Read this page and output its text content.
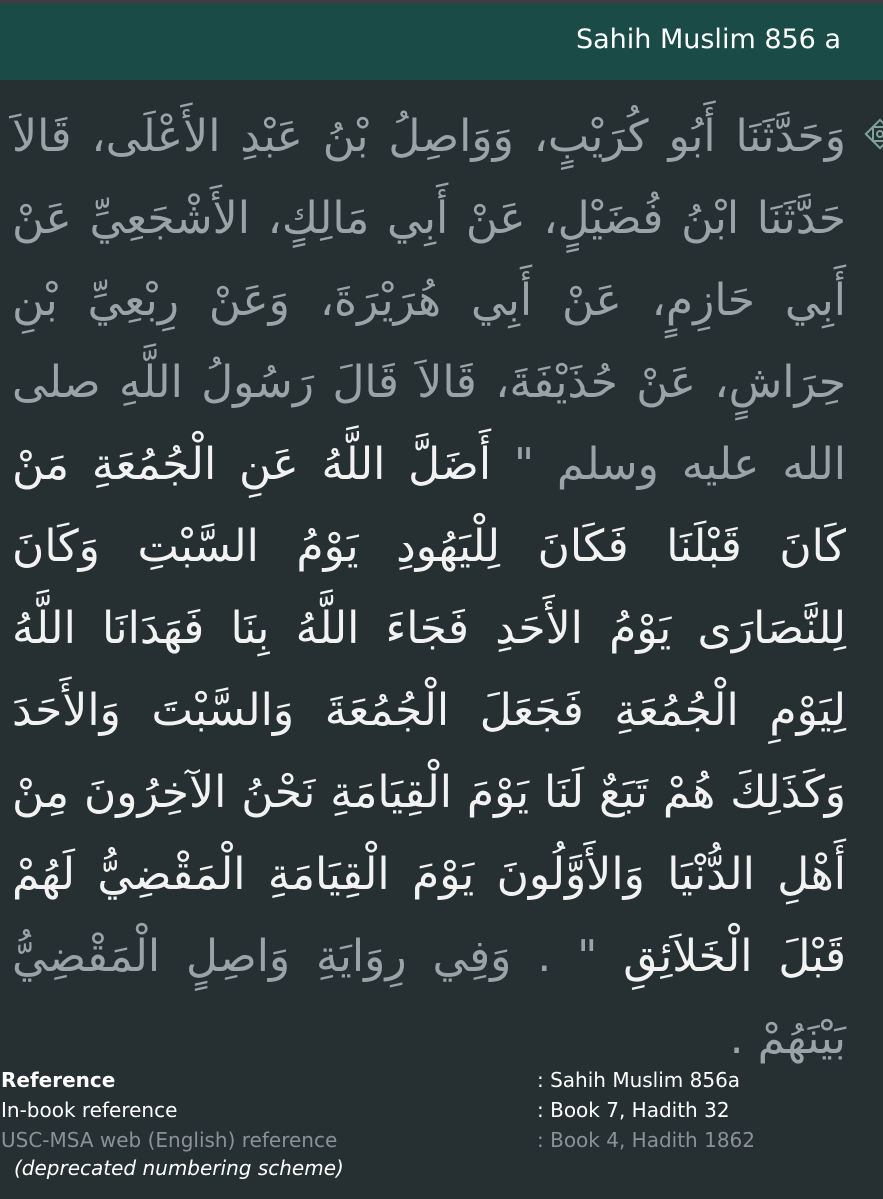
Sahih Muslim 856 a

وَحَدَّثَنَا أَبُو كُرَيْبٍ، وَوَاصِلُ بْنُ عَبْدِ الأَعْلَى، قَالاَ حَدَّثَنَا ابْنُ فُضَيْلٍ، عَنْ أَبِي مَالِكٍ، الأَشْجَعِيِّ عَنْ أَبِي حَازِمٍ، عَنْ أَبِي هُرَيْرَةَ، وَعَنْ رِبْعِيِّ بْنِ حِرَاشٍ، عَنْ حُذَيْفَةَ، قَالاَ قَالَ رَسُولُ اللَّهِ صلى الله عليه وسلم " أَضَلَّ اللَّهُ عَنِ الْجُمُعَةِ مَنْ كَانَ قَبْلَنَا فَكَانَ لِلْيَهُودِ يَوْمُ السَّبْتِ وَكَانَ لِلنَّصَارَى يَوْمُ الأَحَدِ فَجَاءَ اللَّهُ بِنَا فَهَدَانَا اللَّهُ لِيَوْمِ الْجُمُعَةِ فَجَعَلَ الْجُمُعَةَ وَالسَّبْتَ وَالأَحَدَ وَكَذَلِكَ هُمْ تَبَعٌ لَنَا يَوْمَ الْقِيَامَةِ نَحْنُ الآخِرُونَ مِنْ أَهْلِ الدُّنْيَا وَالأَوَّلُونَ يَوْمَ الْقِيَامَةِ الْمَقْضِيُّ لَهُمْ قَبْلَ الْخَلاَئِقِ " . وَفِي رِوَايَةِ وَاصِلٍ الْمَقْضِيُّ بَيْنَهُمْ .

Reference	: Sahih Muslim 856a
In-book reference	: Book 7, Hadith 32
USC-MSA web (English) reference	: Book 4, Hadith 1862
(deprecated numbering scheme)
